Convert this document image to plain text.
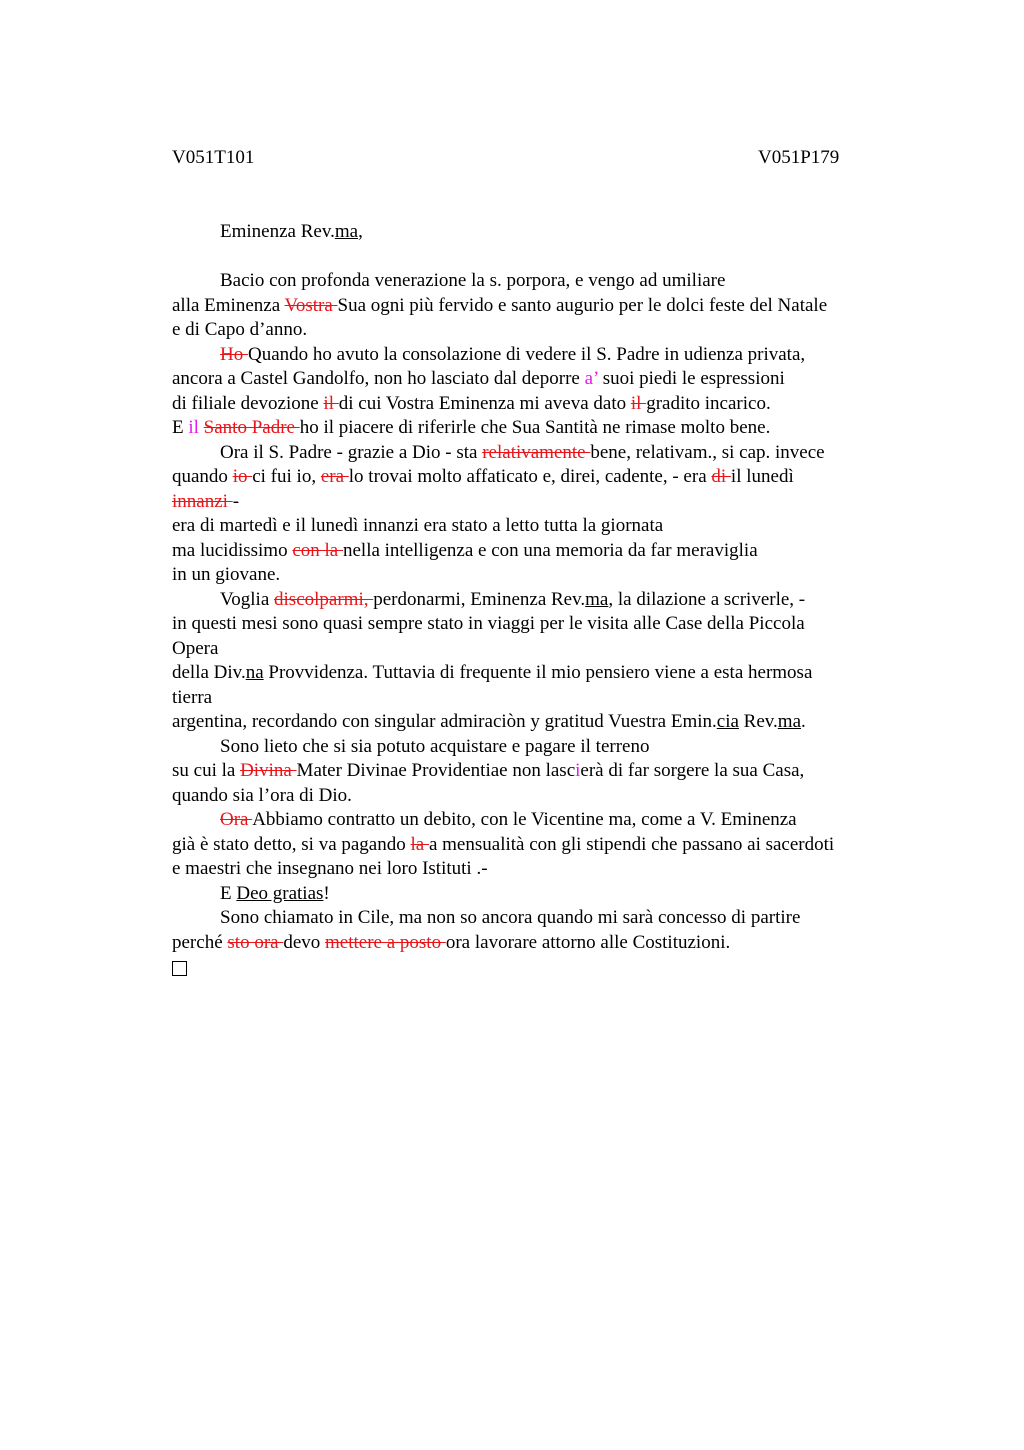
V051T101	V051P179
Eminenza Rev.ma,
Bacio con profonda venerazione la s. porpora, e vengo ad umiliare
alla Eminenza Vostra Sua ogni più fervido e santo augurio per le dolci feste del Natale
e di Capo d’anno.
Ho Quando ho avuto la consolazione di vedere il S. Padre in udienza privata,
ancora a Castel Gandolfo, non ho lasciato dal deporre a’ suoi piedi le espressioni
di filiale devozione il di cui Vostra Eminenza mi aveva dato il gradito incarico.
E il Santo Padre ho il piacere di riferirle che Sua Santità ne rimase molto bene.
Ora il S. Padre - grazie a Dio - sta relativamente bene, relativam., si cap. invece
quando io ci fui io, era lo trovai molto affaticato e, direi, cadente, - era di il lunedì
innanzi -
era di martedì e il lunedì innanzi era stato a letto tutta la giornata
ma lucidissimo con la nella intelligenza e con una memoria da far meraviglia
in un giovane.
Voglia discolparmi, perdonarmi, Eminenza Rev.ma, la dilazione a scriverle, -
in questi mesi sono quasi sempre stato in viaggi per le visita alle Case della Piccola
Opera
della Div.na Provvidenza. Tuttavia di frequente il mio pensiero viene a esta hermosa
tierra
argentina, recordando con singular admiraciòn y gratitud Vuestra Emin.cia Rev.ma.
Sono lieto che si sia potuto acquistare e pagare il terreno
su cui la Divina Mater Divinae Providentiae non lascierà di far sorgere la sua Casa,
quando sia l’ora di Dio.
Ora Abbiamo contratto un debito, con le Vicentine ma, come a V. Eminenza
già è stato detto, si va pagando la a mensualità con gli stipendi che passano ai sacerdoti
e maestri che insegnano nei loro Istituti .-
E Deo gratias!
Sono chiamato in Cile, ma non so ancora quando mi sarà concesso di partire
perché sto ora devo mettere a posto ora lavorare attorno alle Costituzioni.
